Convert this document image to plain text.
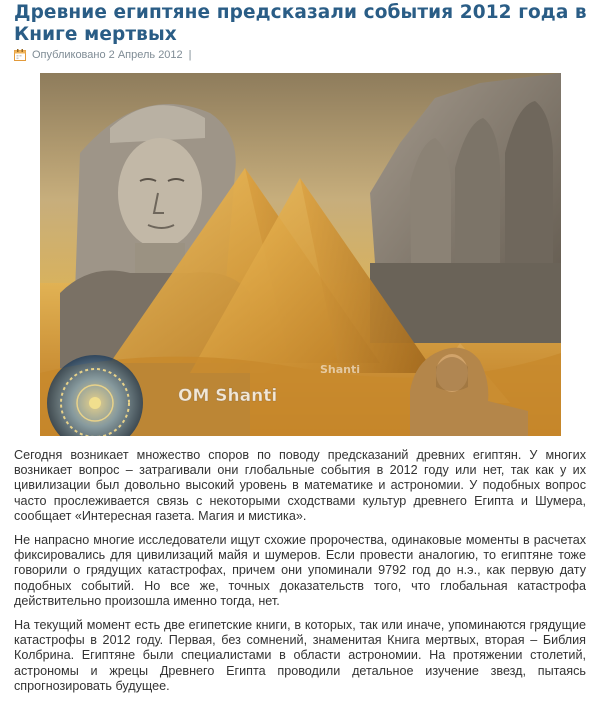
Древние египтяне предсказали события 2012 года в Книге мертвых
Опубликовано 2 Апрель 2012 |
OM Shanti
Shanti

Сегодня возникает множество споров по поводу предсказаний древних египтян. У многих возникает вопрос – затрагивали они глобальные события в 2012 году или нет, так как у их цивилизации был довольно высокий уровень в математике и астрономии. У подобных вопрос часто прослеживается связь с некоторыми сходствами культур древнего Египта и Шумера, сообщает «Интересная газета. Магия и мистика».

Не напрасно многие исследователи ищут схожие пророчества, одинаковые моменты в расчетах фиксировались для цивилизаций майя и шумеров. Если провести аналогию, то египтяне тоже говорили о грядущих катастрофах, причем они упоминали 9792 год до н.э., как первую дату подобных событий. Но все же, точных доказательств того, что глобальная катастрофа действительно произошла именно тогда, нет.

На текущий момент есть две египетские книги, в которых, так или иначе, упоминаются грядущие катастрофы в 2012 году. Первая, без сомнений, знаменитая Книга мертвых, вторая – Библия Колбрина. Египтяне были специалистами в области астрономии. На протяжении столетий, астрономы и жрецы Древнего Египта проводили детальное изучение звезд, пытаясь спрогнозировать будущее.
